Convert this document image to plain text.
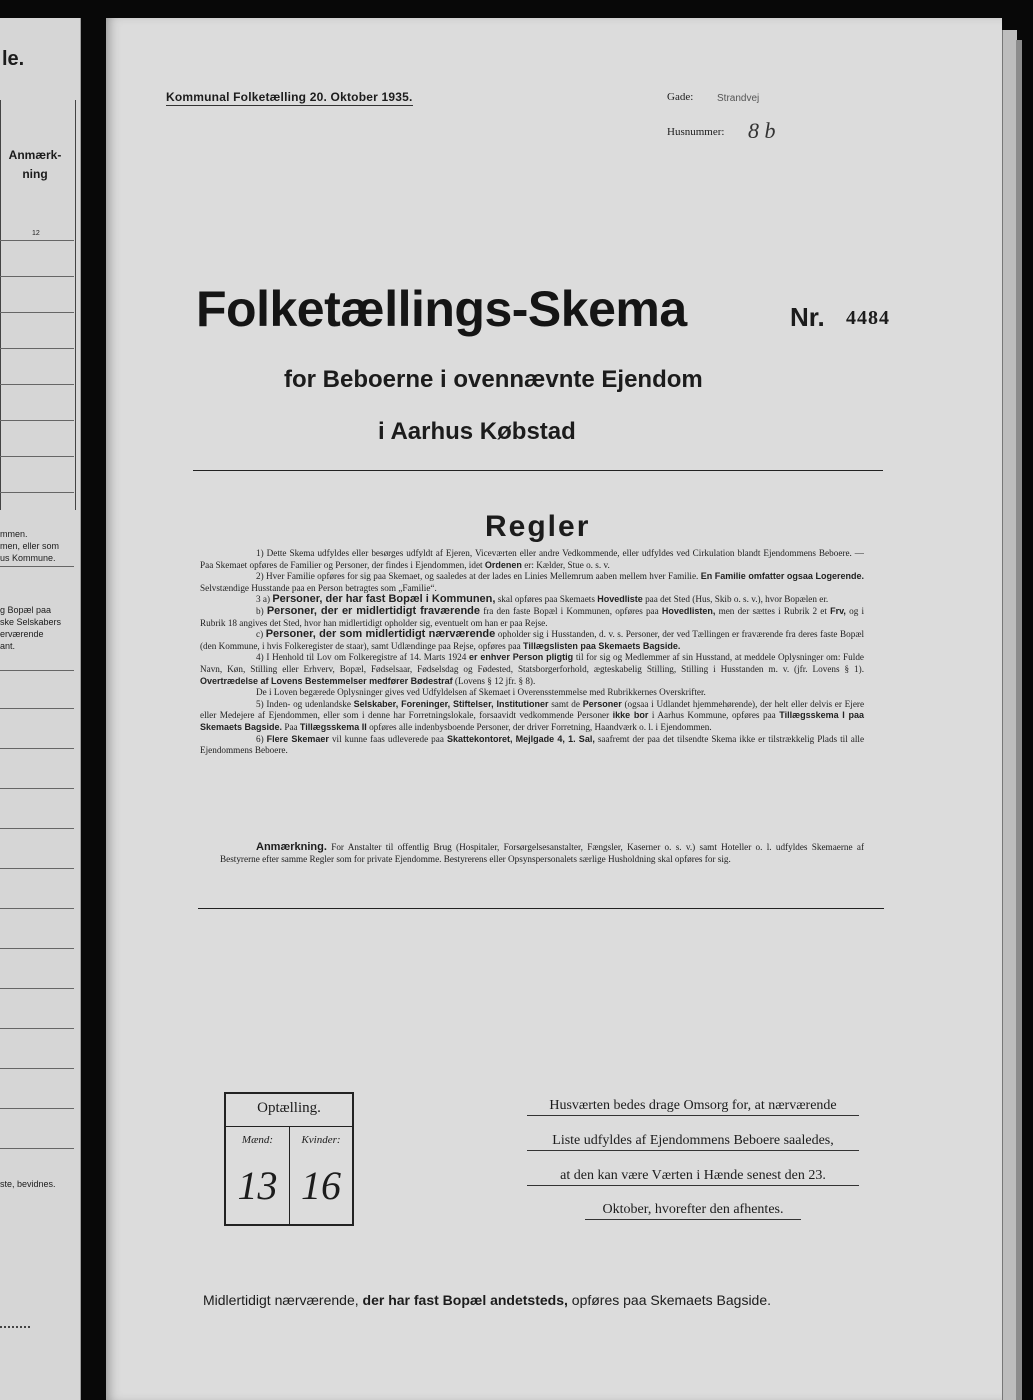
le.
Anmærk-
ning
12
mmen.
men, eller som
us Kommune.
g Bopæl paa
ske Selskabers
erværende
ant.
ste, bevidnes.
Kommunal Folketælling 20. Oktober 1935.	Gade: Strandvej
Husnummer: 8 b
Folketællings-Skema	Nr. 4484
for Beboerne i ovennævnte Ejendom
i Aarhus Købstad
Regler

1) Dette Skema udfyldes eller besørges udfyldt af Ejeren, Viceværten eller andre Vedkommende, eller udfyldes ved Cirkulation blandt Ejendommens Beboere. — Paa Skemaet opføres de Familier og Personer, der findes i Ejendommen, idet Ordenen er: Kælder, Stue o. s. v.

2) Hver Familie opføres for sig paa Skemaet, og saaledes at der lades en Linies Mellemrum aaben mellem hver Familie. En Familie omfatter ogsaa Logerende. Selvstændige Husstande paa en Person betragtes som „Familie“.

3 a) Personer, der har fast Bopæl i Kommunen, skal opføres paa Skemaets Hovedliste paa det Sted (Hus, Skib o. s. v.), hvor Bopælen er.

b) Personer, der er midlertidigt fraværende fra den faste Bopæl i Kommunen, opføres paa Hovedlisten, men der sættes i Rubrik 2 et Frv, og i Rubrik 18 angives det Sted, hvor han midlertidigt opholder sig, eventuelt om han er paa Rejse.

c) Personer, der som midlertidigt nærværende opholder sig i Husstanden, d. v. s. Personer, der ved Tællingen er fraværende fra deres faste Bopæl (den Kommune, i hvis Folkeregister de staar), samt Udlændinge paa Rejse, opføres paa Tillægslisten paa Skemaets Bagside.

4) I Henhold til Lov om Folkeregistre af 14. Marts 1924 er enhver Person pligtig til for sig og Medlemmer af sin Husstand, at meddele Oplysninger om: Fulde Navn, Køn, Stilling eller Erhverv, Bopæl, Fødselsaar, Fødselsdag og Fødested, Statsborgerforhold, ægteskabelig Stilling, Stilling i Husstanden m. v. (jfr. Lovens § 1). Overtrædelse af Lovens Bestemmelser medfører Bødestraf (Lovens § 12 jfr. § 8).

De i Loven begærede Oplysninger gives ved Udfyldelsen af Skemaet i Overensstemmelse med Rubrikkernes Overskrifter.

5) Inden- og udenlandske Selskaber, Foreninger, Stiftelser, Institutioner samt de Personer (ogsaa i Udlandet hjemmehørende), der helt eller delvis er Ejere eller Medejere af Ejendommen, eller som i denne har Forretningslokale, forsaavidt vedkommende Personer ikke bor i Aarhus Kommune, opføres paa Tillægsskema I paa Skemaets Bagside. Paa Tillægsskema II opføres alle indenbysboende Personer, der driver Forretning, Haandværk o. l. i Ejendommen.

6) Flere Skemaer vil kunne faas udleverede paa Skattekontoret, Mejlgade 4, 1. Sal, saafremt der paa det tilsendte Skema ikke er tilstrækkelig Plads til alle Ejendommens Beboere.

Anmærkning. For Anstalter til offentlig Brug (Hospitaler, Forsørgelsesanstalter, Fængsler, Kaserner o. s. v.) samt Hoteller o. l. udfyldes Skemaerne af Bestyrerne efter samme Regler som for private Ejendomme. Bestyrerens eller Opsynspersonalets særlige Husholdning skal opføres for sig.
Optælling.
Mænd:	Kvinder:
13 16
Husværten bedes drage Omsorg for, at nærværende
Liste udfyldes af Ejendommens Beboere saaledes,
at den kan være Værten i Hænde senest den 23.
Oktober, hvorefter den afhentes.
Midlertidigt nærværende, der har fast Bopæl andetsteds, opføres paa Skemaets Bagside.
